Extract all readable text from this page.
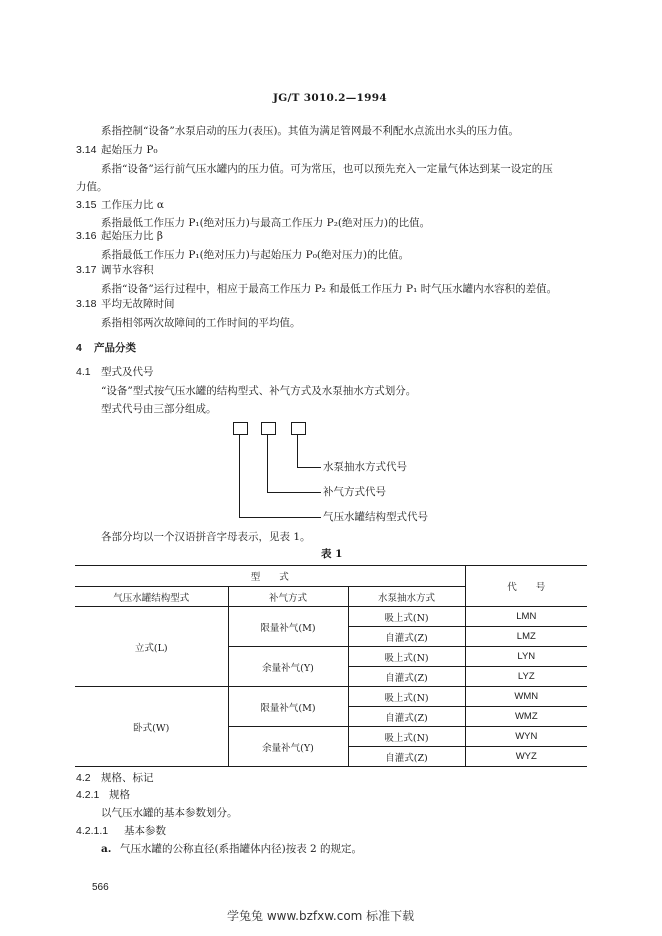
JG/T 3010.2—1994
系指控制“设备”水泵启动的压力(表压)。其值为满足管网最不利配水点流出水头的压力值。
3.14 起始压力 P₀
系指“设备”运行前气压水罐内的压力值。可为常压，也可以预先充入一定量气体达到某一设定的压
力值。
3.15 工作压力比 α
系指最低工作压力 P₁(绝对压力)与最高工作压力 P₂(绝对压力)的比值。
3.16 起始压力比 β
系指最低工作压力 P₁(绝对压力)与起始压力 P₀(绝对压力)的比值。
3.17 调节水容积
系指“设备”运行过程中，相应于最高工作压力 P₂ 和最低工作压力 P₁ 时气压水罐内水容积的差值。
3.18 平均无故障时间
系指相邻两次故障间的工作时间的平均值。
4 产品分类
4.1 型式及代号
“设备”型式按气压水罐的结构型式、补气方式及水泵抽水方式划分。
型式代号由三部分组成。
水泵抽水方式代号
补气方式代号
气压水罐结构型式代号
各部分均以一个汉语拼音字母表示，见表 1。
表 1
型　　式			代　　号
气压水罐结构型式	补气方式	水泵抽水方式	
立式(L)	限量补气(M)	吸上式(N)	LMN
		自灌式(Z)	LMZ
	余量补气(Y)	吸上式(N)	LYN
		自灌式(Z)	LYZ
卧式(W)	限量补气(M)	吸上式(N)	WMN
		自灌式(Z)	WMZ
	余量补气(Y)	吸上式(N)	WYN
		自灌式(Z)	WYZ
4.2 规格、标记
4.2.1 规格
以气压水罐的基本参数划分。
4.2.1.1 基本参数
a. 气压水罐的公称直径(系指罐体内径)按表 2 的规定。
566
学兔兔 www.bzfxw.com 标准下载
